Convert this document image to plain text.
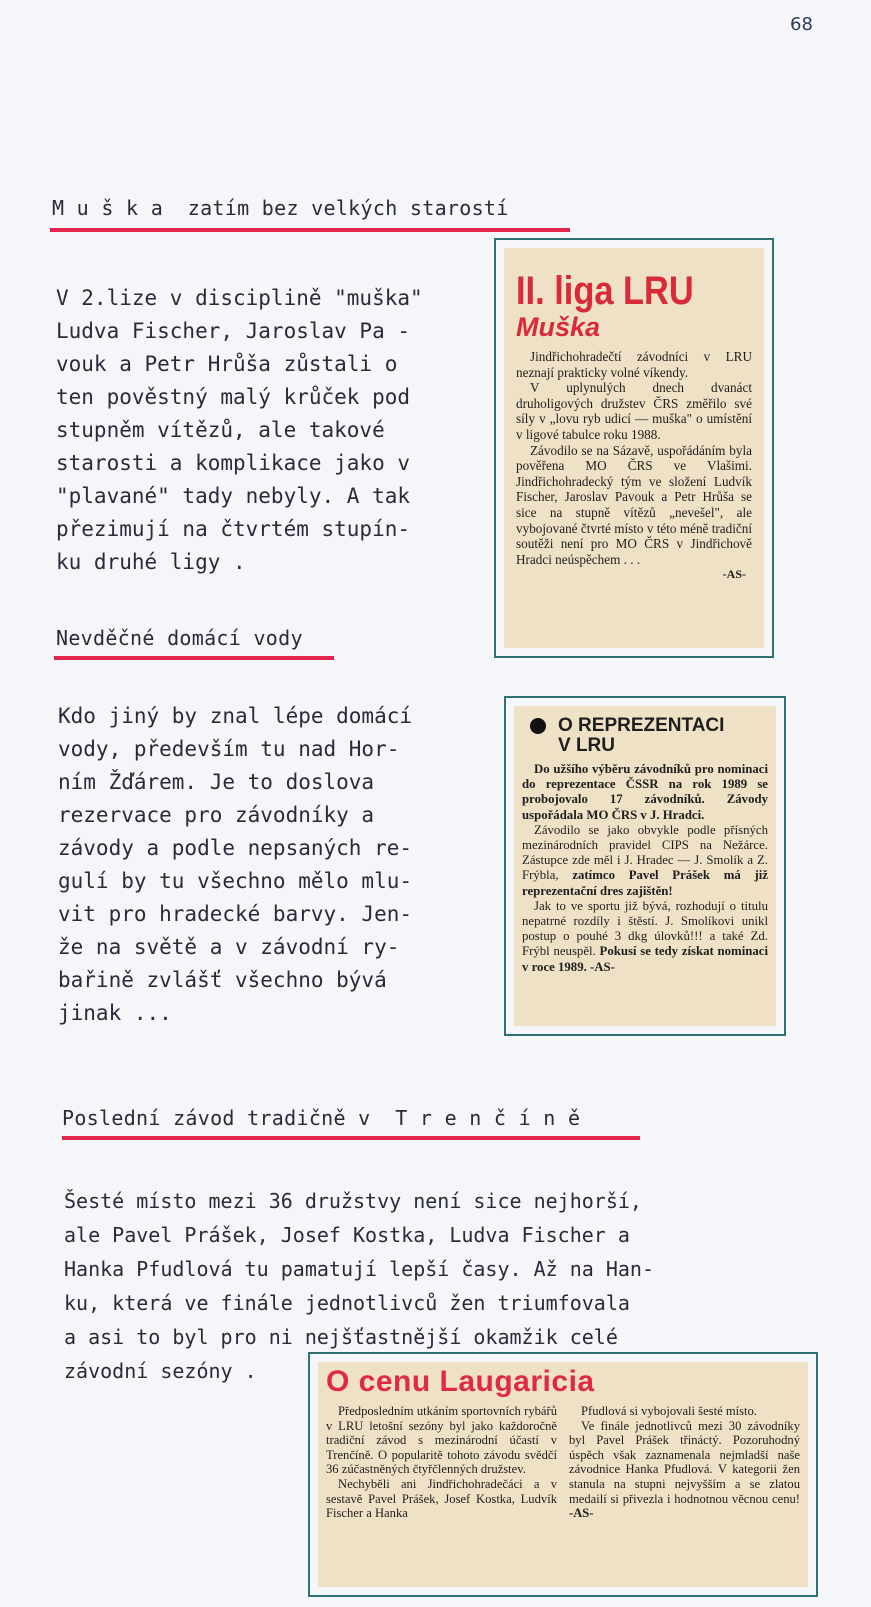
68
M u š k a  zatím bez velkých starostí
V 2.lize v disciplině "muška"
Ludva Fischer, Jaroslav Pa -
vouk a Petr Hrůša zůstali o
ten pověstný malý krůček pod
stupněm vítězů, ale takové
starosti a komplikace jako v
"plavané" tady nebyly. A tak
přezimují na čtvrtém stupín-
ku druhé ligy .
Nevděčné domácí vody
Kdo jiný by znal lépe domácí
vody, především tu nad Hor-
ním Žďárem. Je to doslova
rezervace pro závodníky a
závody a podle nepsaných re-
gulí by tu všechno mělo mlu-
vit pro hradecké barvy. Jen-
že na světě a v závodní ry-
bařině zvlášť všechno bývá
jinak ...
Poslední závod tradičně v  T r e n č í n ě
Šesté místo mezi 36 družstvy není sice nejhorší,
ale Pavel Prášek, Josef Kostka, Ludva Fischer a
Hanka Pfudlová tu pamatují lepší časy. Až na Han-
ku, která ve finále jednotlivců žen triumfovala
a asi to byl pro ni nejšťastnější okamžik celé
závodní sezóny .
II. liga LRU
Muška

Jindřichohradečtí závodníci v LRU neznají prakticky volné víkendy.

V uplynulých dnech dvanáct druholigových družstev ČRS změřilo své síly v „lovu ryb udicí — muška" o umístění v ligové tabulce roku 1988.

Závodilo se na Sázavě, uspořádáním byla pověřena MO ČRS ve Vlašimi. Jindřichohradecký tým ve složení Ludvík Fischer, Jaroslav Pavouk a Petr Hrůša se sice na stupně vítězů „nevešel", ale vybojované čtvrté místo v této méně tradiční soutěži není pro MO ČRS v Jindřichově Hradci neúspěchem . . .

-AS-
O REPREZENTACI
V LRU

Do užšího výběru závodníků pro nominaci do reprezentace ČSSR na rok 1989 se probojovalo 17 závodníků. Závody uspořádala MO ČRS v J. Hradci.

Závodilo se jako obvykle podle přísných mezinárodních pravidel CIPS na Nežárce. Zástupce zde měl i J. Hradec — J. Smolík a Z. Frýbla, zatímco Pavel Prášek má již reprezentační dres zajištěn!

Jak to ve sportu již bývá, rozhodují o titulu nepatrné rozdíly i štěstí. J. Smolíkovi unikl postup o pouhé 3 dkg úlovků!!! a také Zd. Frýbl neuspěl. Pokusí se tedy získat nominaci v roce 1989. -AS-

O cenu Laugaricia

Předposledním utkáním sportovních rybářů v LRU letošní sezóny byl jako každoročně tradiční závod s mezinárodní účastí v Trenčíně. O popularitě tohoto závodu svědčí 36 zúčastněných čtyřčlenných družstev.

Nechyběli ani Jindřichohradečáci a v sestavě Pavel Prášek, Josef Kostka, Ludvík Fischer a Hanka

Pfudlová si vybojovali šesté místo.

Ve finále jednotlivců mezi 30 závodníky byl Pavel Prášek třináctý. Pozoruhodný úspěch však zaznamenala nejmladší naše závodnice Hanka Pfudlová. V kategorii žen stanula na stupni nejvyšším a se zlatou medailí si přivezla i hodnotnou věcnou cenu! -AS-
